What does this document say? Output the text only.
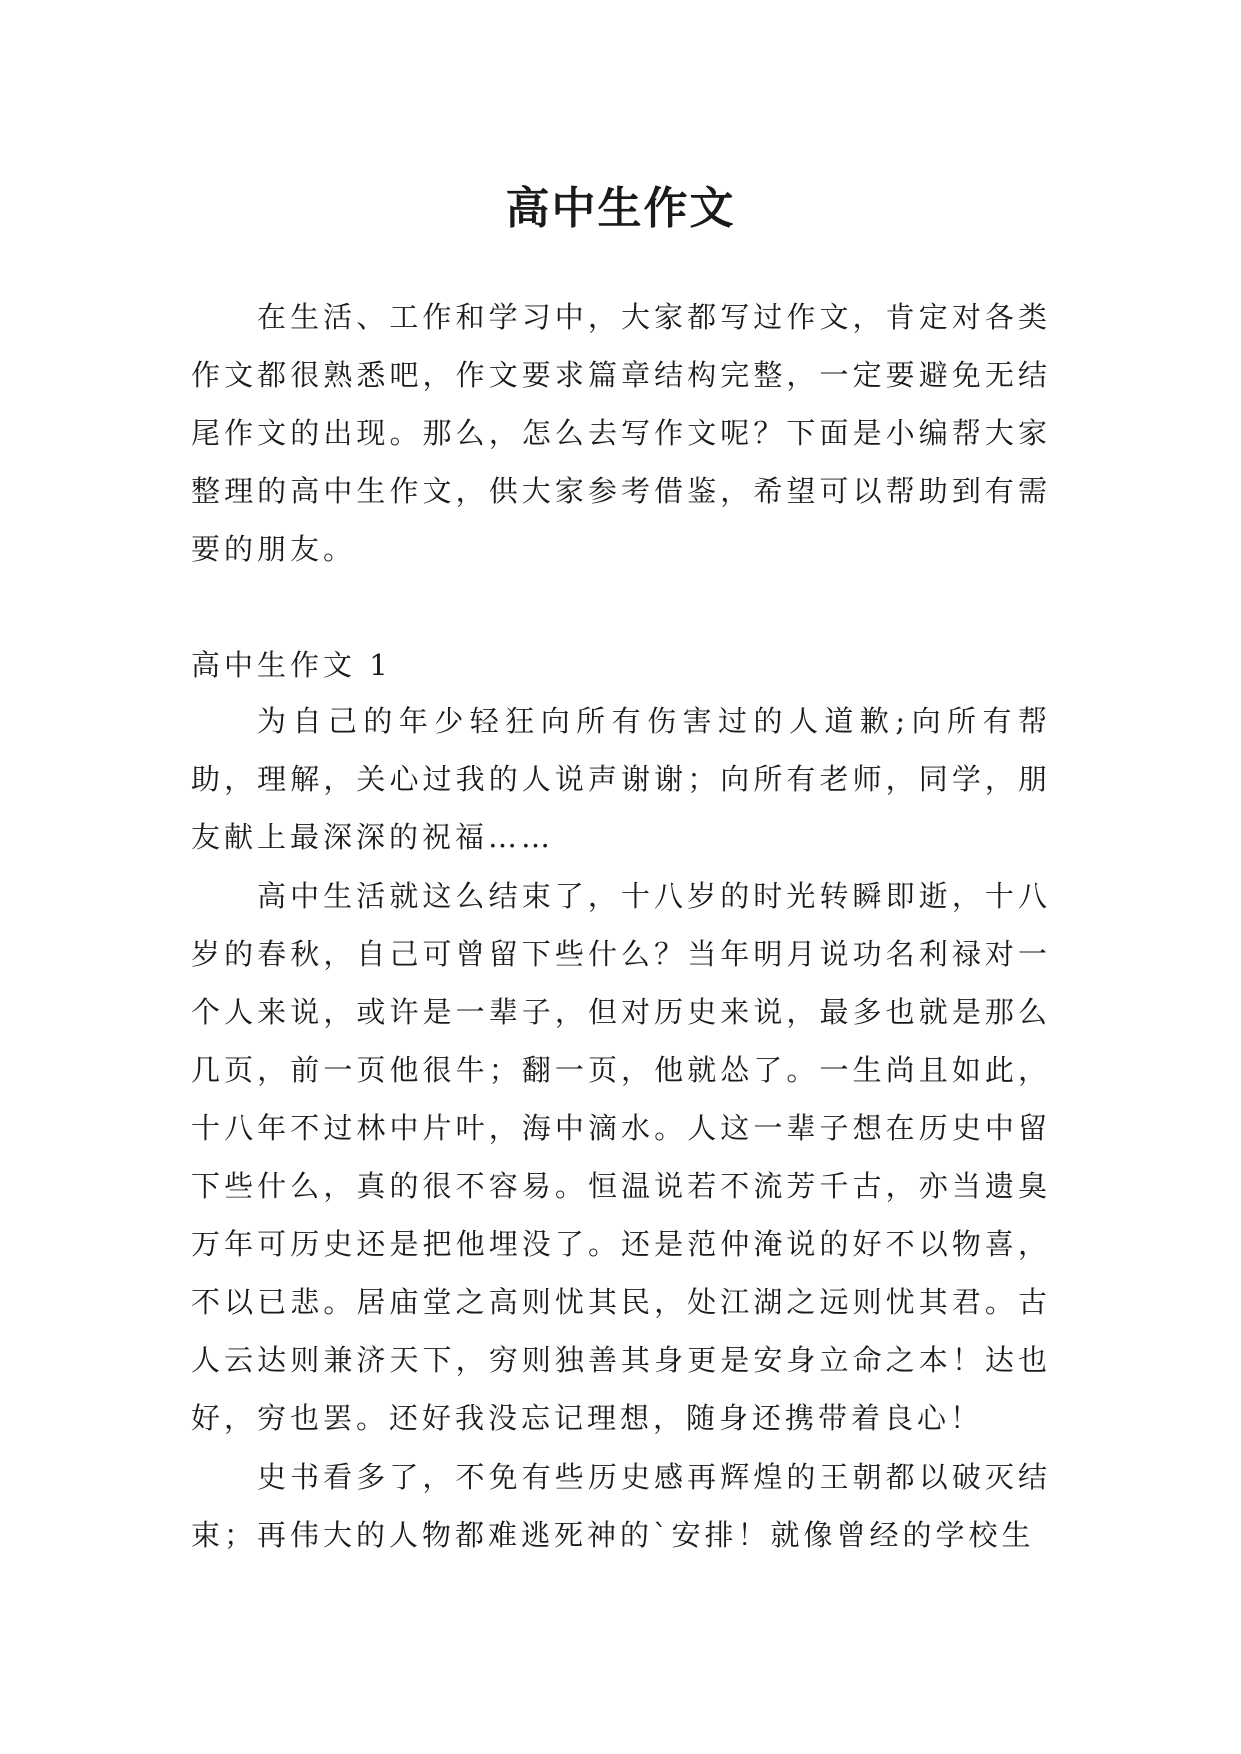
高中生作文

在生活、工作和学习中，大家都写过作文，肯定对各类作文都很熟悉吧，作文要求篇章结构完整，一定要避免无结尾作文的出现。那么，怎么去写作文呢？下面是小编帮大家整理的高中生作文，供大家参考借鉴，希望可以帮助到有需要的朋友。

高中生作文 1

为自己的年少轻狂向所有伤害过的人道歉;向所有帮助，理解，关心过我的人说声谢谢；向所有老师，同学，朋友献上最深深的祝福……

高中生活就这么结束了，十八岁的时光转瞬即逝，十八岁的春秋，自己可曾留下些什么？当年明月说功名利禄对一个人来说，或许是一辈子，但对历史来说，最多也就是那么几页，前一页他很牛；翻一页，他就怂了。一生尚且如此，十八年不过林中片叶，海中滴水。人这一辈子想在历史中留下些什么，真的很不容易。恒温说若不流芳千古，亦当遗臭万年可历史还是把他埋没了。还是范仲淹说的好不以物喜，不以已悲。居庙堂之高则忧其民，处江湖之远则忧其君。古人云达则兼济天下，穷则独善其身更是安身立命之本！达也好，穷也罢。还好我没忘记理想，随身还携带着良心！

史书看多了，不免有些历史感再辉煌的王朝都以破灭结束；再伟大的人物都难逃死神的`安排！就像曾经的学校生
